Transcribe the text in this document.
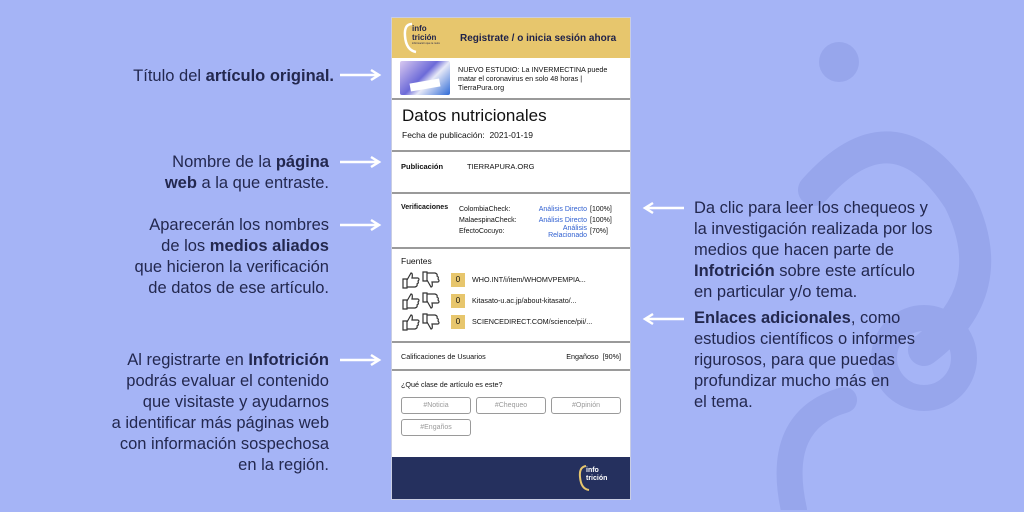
Título del artículo original.
Nombre de la página
web a la que entraste.
Aparecerán los nombres
de los medios aliados
que hicieron la verificación
de datos de ese artículo.
Al registrarte en Infotrición
podrás evaluar el contenido
que visitaste y ayudarnos
a identificar más páginas web
con información sospechosa
en la región.
Da clic para leer los chequeos y
la investigación realizada por los
medios que hacen parte de
Infotrición sobre este artículo
en particular y/o tema.
Enlaces adicionales, como
estudios científicos o informes
rigurosos, para que puedas
profundizar mucho más en
el tema.
info
trición
información que te nutre Registrate / o inicia sesión ahora
NUEVO ESTUDIO: La INVERMECTINA puede
matar el coronavirus en solo 48 horas |
TierraPura.org
Datos nutricionales
Fecha de publicación: 2021-01-19
Publicación	TIERRAPURA.ORG
Verificaciones	ColombiaCheck:	Análisis Directo [100%]
MalaespinaCheck:	Análisis Directo [100%]
EfectoCocuyo:	Análisis Relacionado [70%]
Fuentes
0	WHO.INT/i/item/WHOMVPEMPIA...
0	Kitasato-u.ac.jp/about-kitasato/...
0	SCIENCEDIRECT.COM/science/pii/...
Calificaciones de Usuarios	Engañoso  [90%]
¿Qué clase de artículo es este?
#Noticia	#Chequeo	#Opinión
#Engaños
info
trición
